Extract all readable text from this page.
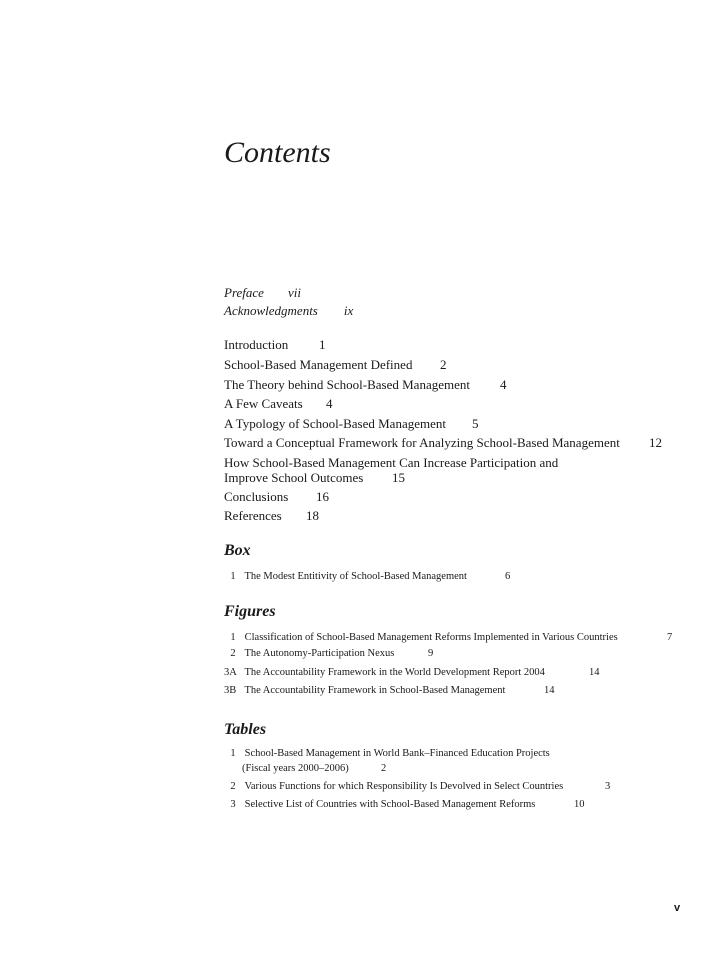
Contents
Preface vii
Acknowledgments ix
Introduction 1
School-Based Management Defined 2
The Theory behind School-Based Management 4
A Few Caveats 4
A Typology of School-Based Management 5
Toward a Conceptual Framework for Analyzing School-Based Management 12
How School-Based Management Can Increase Participation and
Improve School Outcomes 15
Conclusions 16
References 18
Box
1 The Modest Entitivity of School-Based Management	6
Figures
1 Classification of School-Based Management Reforms Implemented in Various Countries	7
2 The Autonomy-Participation Nexus	9
3A The Accountability Framework in the World Development Report 2004	14
3B The Accountability Framework in School-Based Management	14
Tables
1 School-Based Management in World Bank–Financed Education Projects
(Fiscal years 2000–2006)	2
2 Various Functions for which Responsibility Is Devolved in Select Countries	3
3 Selective List of Countries with School-Based Management Reforms	10
v
